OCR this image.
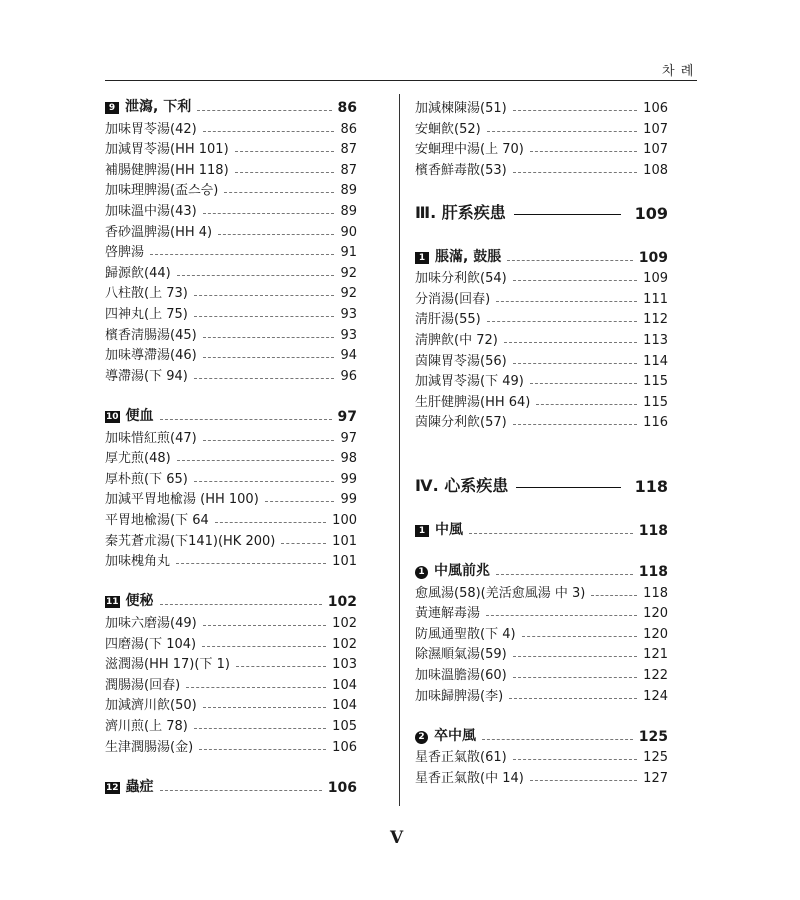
차 례
9 泄瀉, 下利	86
加味胃苓湯(42)	86
加減胃苓湯(HH 101)	87
補腸健脾湯(HH 118)	87
加味理脾湯(盃스승)	89
加味溫中湯(43)	89
香砂溫脾湯(HH 4)	90
啓脾湯	91
歸源飮(44)	92
八柱散(上 73)	92
四神丸(上 75)	93
檳香淸腸湯(45)	93
加味導滯湯(46)	94
導滯湯(下 94)	96
10 便血	97
加味惜紅煎(47)	97
厚尤煎(48)	98
厚朴煎(下 65)	99
加減平胃地楡湯 (HH 100)	99
平胃地楡湯(下 64	100
秦艽蒼朮湯(下141)(HK 200)	101
加味槐角丸	101
11 便秘	102
加味六磨湯(49)	102
四磨湯(下 104)	102
滋潤湯(HH 17)(下 1)	103
潤腸湯(回春)	104
加減濟川飮(50)	104
濟川煎(上 78)	105
生津潤腸湯(金)	106
12 蟲症	106
加減楝陳湯(51)	106
安蛔飮(52)	107
安蛔理中湯(上 70)	107
檳香鮮毒散(53)	108
Ⅲ. 肝系疾患	109
1 脹滿, 鼓脹	109
加味分利飮(54)	109
分消湯(回春)	111
淸肝湯(55)	112
淸脾飮(中 72)	113
茵陳胃苓湯(56)	114
加減胃苓湯(下 49)	115
生肝健脾湯(HH 64)	115
茵陳分利飮(57)	116
Ⅳ. 心系疾患	118
1 中風	118
1 中風前兆	118
愈風湯(58)(羌活愈風湯 中 3)	118
黃連解毒湯	120
防風通聖散(下 4)	120
除濕順氣湯(59)	121
加味溫膽湯(60)	122
加味歸脾湯(李)	124
2 卒中風	125
星香正氣散(61)	125
星香正氣散(中 14)	127
V
